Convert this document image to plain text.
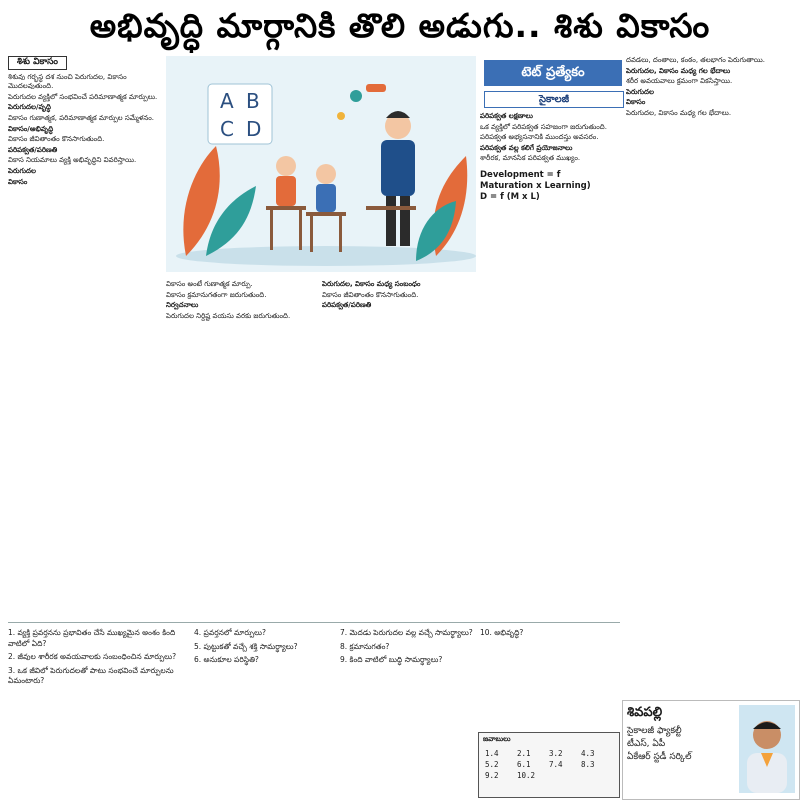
అభివృద్ధి మార్గానికి తొలి అడుగు.. శిశు వికాసం
శిశు వికాసం

శిశువు గర్భస్థ దశ నుంచి పెరుగుదల, వికాసం మొదలవుతుంది.

పెరుగుదల వ్యక్తిలో సంభవించే పరిమాణాత్మక మార్పులు.

పెరుగుదల/వృద్ధి

వికాసం గుణాత్మక, పరిమాణాత్మక మార్పుల సమ్మేళనం.

వికాసం/అభివృద్ధి

వికాసం జీవితాంతం కొనసాగుతుంది.

పరిపక్వత/పరిణతి

వికాస నియమాలు వ్యక్తి అభివృద్ధిని వివరిస్తాయి.

పెరుగుదల

వికాసం

A B
C D

వికాసం అంటే గుణాత్మక మార్పు.

వికాసం క్రమానుగతంగా జరుగుతుంది.

నిర్వచనాలు

పెరుగుదల నిర్దిష్ట వయసు వరకు జరుగుతుంది.

పెరుగుదల, వికాసం మధ్య సంబంధం

వికాసం జీవితాంతం కొనసాగుతుంది.

పరిపక్వత/పరిణతి

టెట్ ప్రత్యేకం
సైకాలజీ

పరిపక్వత లక్షణాలు

ఒక వ్యక్తిలో పరిపక్వత సహజంగా జరుగుతుంది.

పరిపక్వత అభ్యసనానికి ముందస్తు అవసరం.

పరిపక్వత వల్ల కలిగే ప్రయోజనాలు

శారీరక, మానసిక పరిపక్వత ముఖ్యం.

Development = f
Maturation x Learning)
D = f (M x L)

దవడలు, దంతాలు, కంఠం, తలభాగం పెరుగుతాయి.

పెరుగుదల, వికాసం మధ్య గల భేదాలు

శరీర అవయవాలు క్రమంగా వికసిస్తాయి.

పెరుగుదల

వికాసం

పెరుగుదల, వికాసం మధ్య గల భేదాలు.

1. వ్యక్తి ప్రవర్తనను ప్రభావితం చేసే ముఖ్యమైన అంశం కింది వాటిలో ఏది?

2. జీవుల శారీరక అవయవాలకు సంబంధించిన మార్పులు?

3. ఒక జీవిలో పెరుగుదలతో పాటు సంభవించే మార్పులను ఏమంటారు?

4. ప్రవర్తనలో మార్పులు?

5. పుట్టుకతో వచ్చే శక్తి సామర్థ్యాలు?

6. అనుకూల పరిస్థితి?

7. మెదడు పెరుగుదల వల్ల వచ్చే సామర్థ్యాలు?

8. క్రమానుగతం?

9. కింది వాటిలో బుద్ధి సామర్థ్యాలు?

10. అభివృద్ధి?

జవాబులు
1.4	2.1	3.2	4.3
5.2	6.1	7.4	8.3
9.2	10.2
శివపల్లి
సైకాలజీ ఫ్యాకల్టీ
టీఎస్, ఏపీ
ఏకేఆర్ స్టడీ సర్కిల్
